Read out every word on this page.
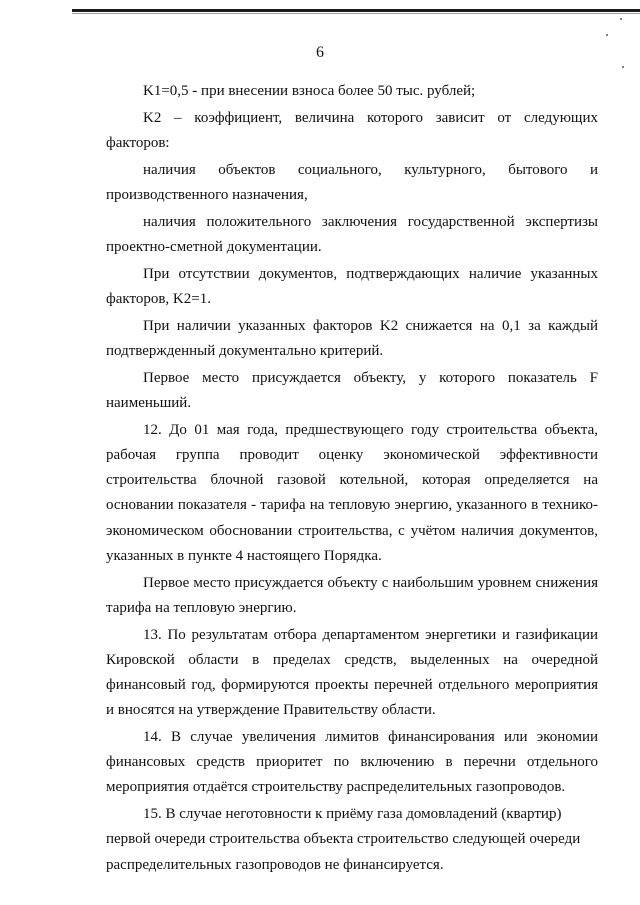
6

K1=0,5 - при внесении взноса более 50 тыс. рублей;

K2 – коэффициент, величина которого зависит от следующих факторов:

наличия объектов социального, культурного, бытового и производственного назначения,

наличия положительного заключения государственной экспертизы проектно-сметной документации.

При отсутствии документов, подтверждающих наличие указанных факторов, K2=1.

При наличии указанных факторов K2 снижается на 0,1 за каждый подтвержденный документально критерий.

Первое место присуждается объекту, у которого показатель F наименьший.

12. До 01 мая года, предшествующего году строительства объекта, рабочая группа проводит оценку экономической эффективности строительства блочной газовой котельной, которая определяется на основании показателя - тарифа на тепловую энергию, указанного в технико-экономическом обосновании строительства, с учётом наличия документов, указанных в пункте 4 настоящего Порядка.

Первое место присуждается объекту с наибольшим уровнем снижения тарифа на тепловую энергию.

13. По результатам отбора департаментом энергетики и газификации Кировской области в пределах средств, выделенных на очередной финансовый год, формируются проекты перечней отдельного мероприятия и вносятся на утверждение Правительству области.

14. В случае увеличения лимитов финансирования или экономии финансовых средств приоритет по включению в перечни отдельного мероприятия отдаётся строительству распределительных газопроводов.

15. В случае неготовности к приёму газа домовладений (квартир) первой очереди строительства объекта строительство следующей очереди распределительных газопроводов не финансируется.
